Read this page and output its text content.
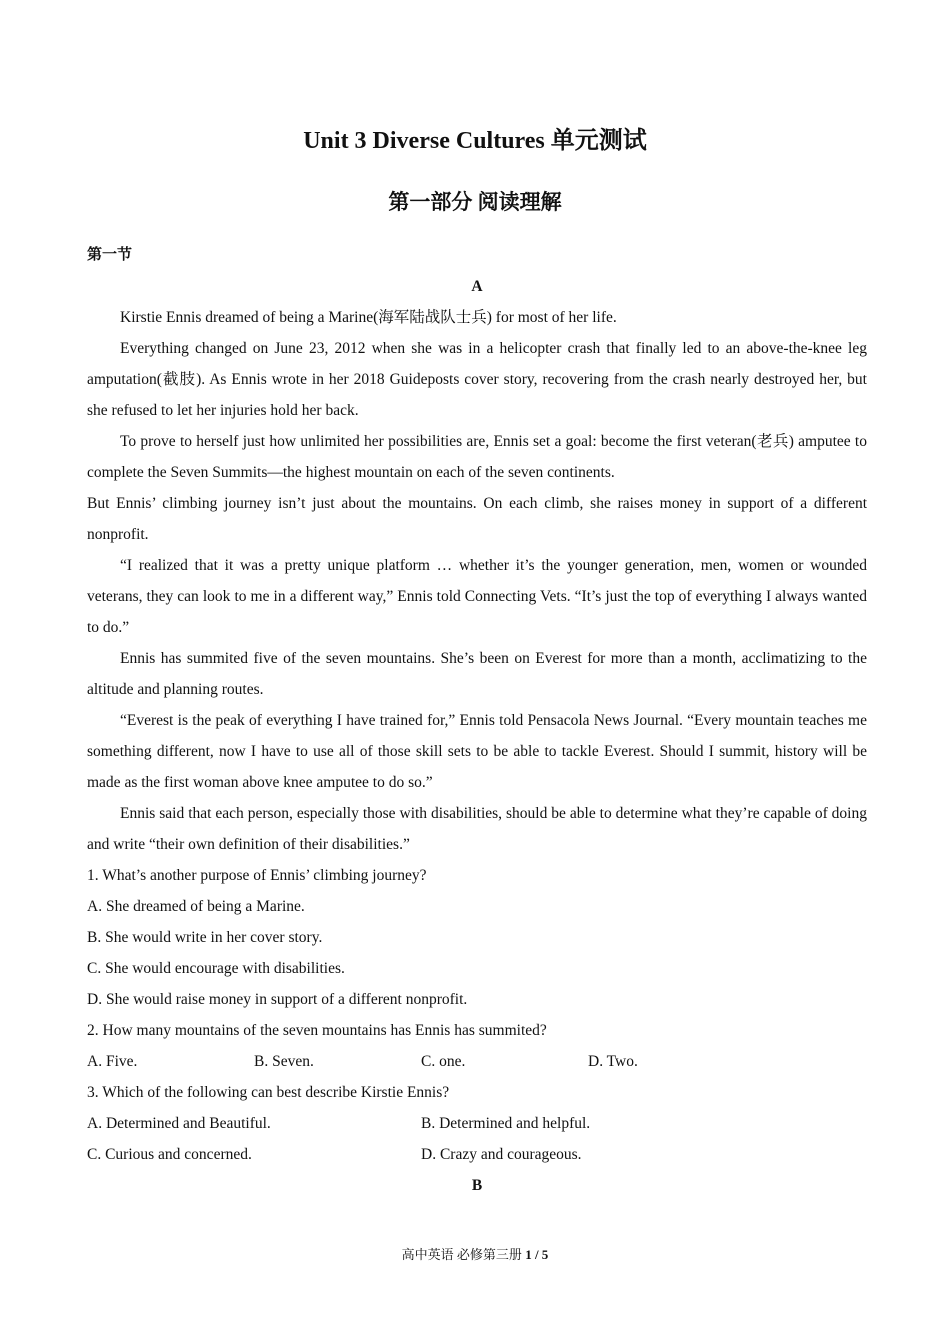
Unit 3 Diverse Cultures 单元测试
第一部分 阅读理解
第一节
A

Kirstie Ennis dreamed of being a Marine(海军陆战队士兵) for most of her life.

Everything changed on June 23, 2012 when she was in a helicopter crash that finally led to an above-the-knee leg amputation(截肢). As Ennis wrote in her 2018 Guideposts cover story, recovering from the crash nearly destroyed her, but she refused to let her injuries hold her back.

To prove to herself just how unlimited her possibilities are, Ennis set a goal: become the first veteran(老兵) amputee to complete the Seven Summits—the highest mountain on each of the seven continents.

But Ennis’ climbing journey isn’t just about the mountains. On each climb, she raises money in support of a different nonprofit.

“I realized that it was a pretty unique platform … whether it’s the younger generation, men, women or wounded veterans, they can look to me in a different way,” Ennis told Connecting Vets. “It’s just the top of everything I always wanted to do.”

Ennis has summited five of the seven mountains. She’s been on Everest for more than a month, acclimatizing to the altitude and planning routes.

“Everest is the peak of everything I have trained for,” Ennis told Pensacola News Journal. “Every mountain teaches me something different, now I have to use all of those skill sets to be able to tackle Everest. Should I summit, history will be made as the first woman above knee amputee to do so.”

Ennis said that each person, especially those with disabilities, should be able to determine what they’re capable of doing and write “their own definition of their disabilities.”

1. What’s another purpose of Ennis’ climbing journey?
A. She dreamed of being a Marine.
B. She would write in her cover story.
C. She would encourage with disabilities.
D. She would raise money in support of a different nonprofit.
2. How many mountains of the seven mountains has Ennis has summited?
A. Five.	B. Seven.	C. one.	D. Two.
3. Which of the following can best describe Kirstie Ennis?
A. Determined and Beautiful.	B. Determined and helpful.
C. Curious and concerned.	D. Crazy and courageous.
B
高中英语 必修第三册 1 / 5
